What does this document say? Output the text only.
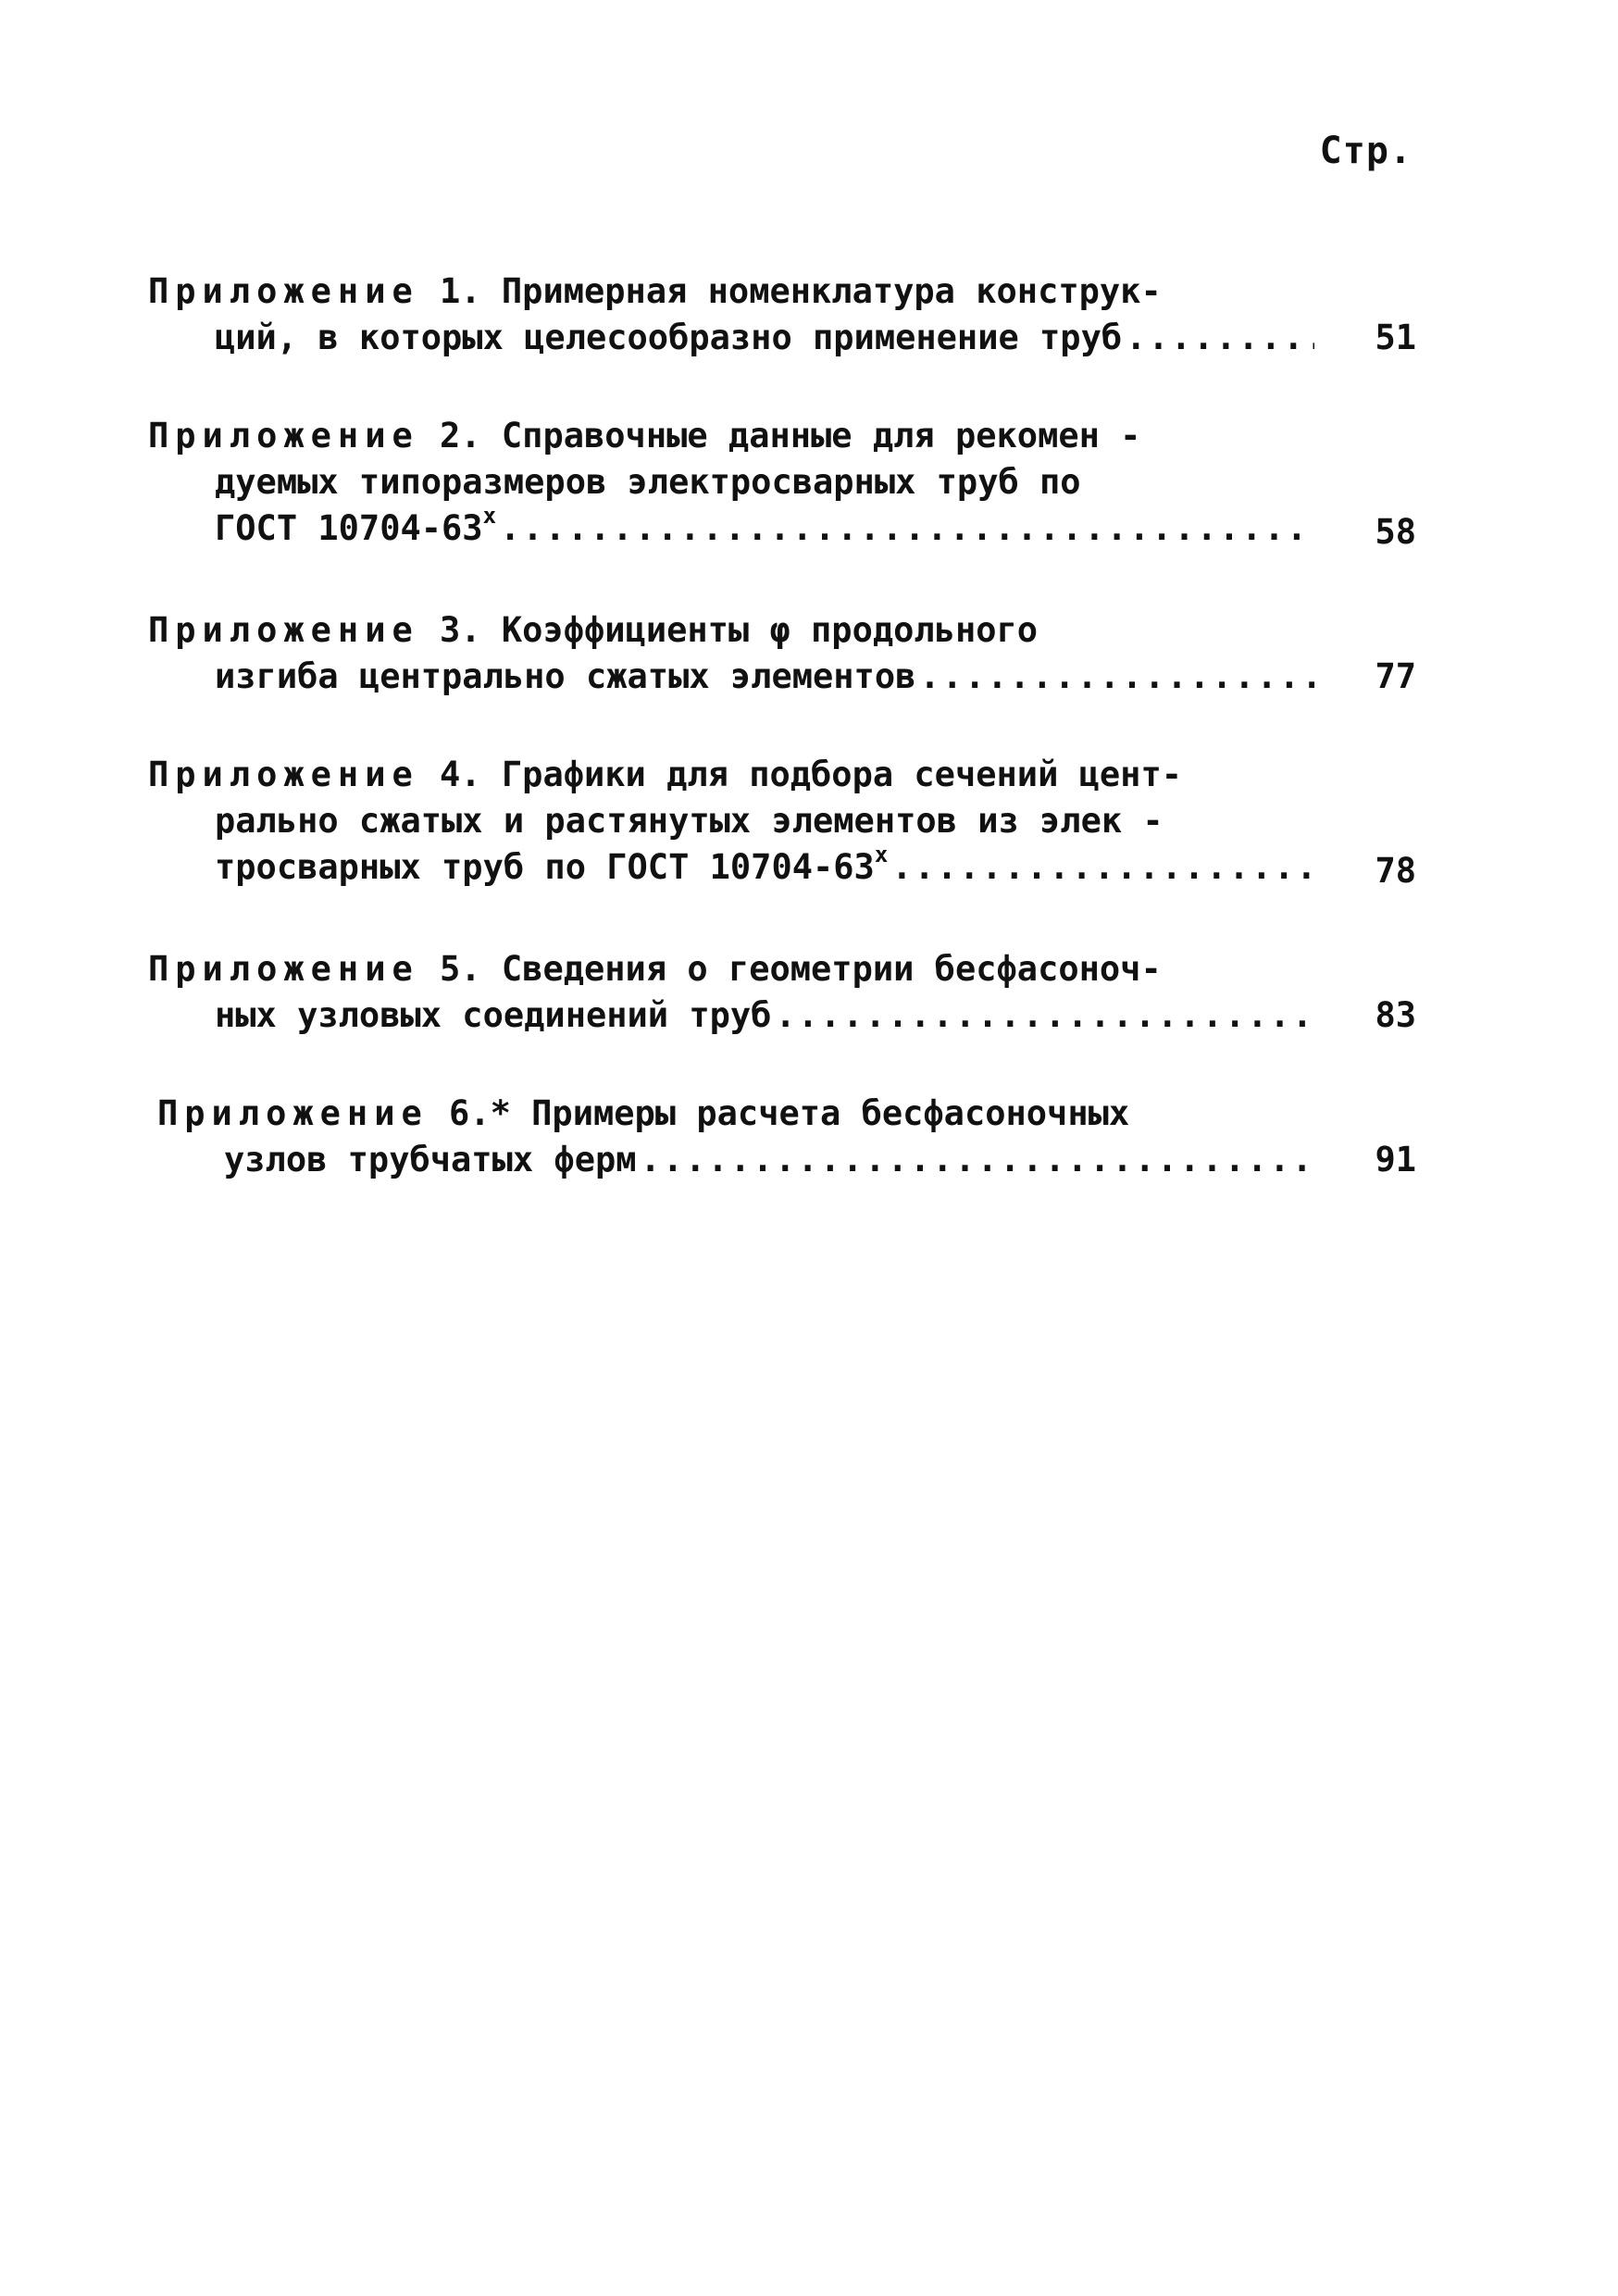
Стр.
Приложение 1. Примерная номенклатура конструк-
ций, в которых целесообразно применение труб .....	51
Приложение 2. Справочные данные для рекомен -
дуемых типоразмеров электросварных труб по
ГОСТ 10704-63 x .....	58
Приложение 3. Коэффициенты φ продольного
изгиба центрально сжатых элементов .....	77
Приложение 4. Графики для подбора сечений цент-
рально сжатых и растянутых элементов из элек -
тросварных труб по ГОСТ 10704-63 x .....	78
Приложение 5. Сведения о геометрии бесфасоноч-
ных узловых соединений труб .....	83
Приложение 6.* Примеры расчета бесфасоночных
узлов трубчатых ферм .....	91
